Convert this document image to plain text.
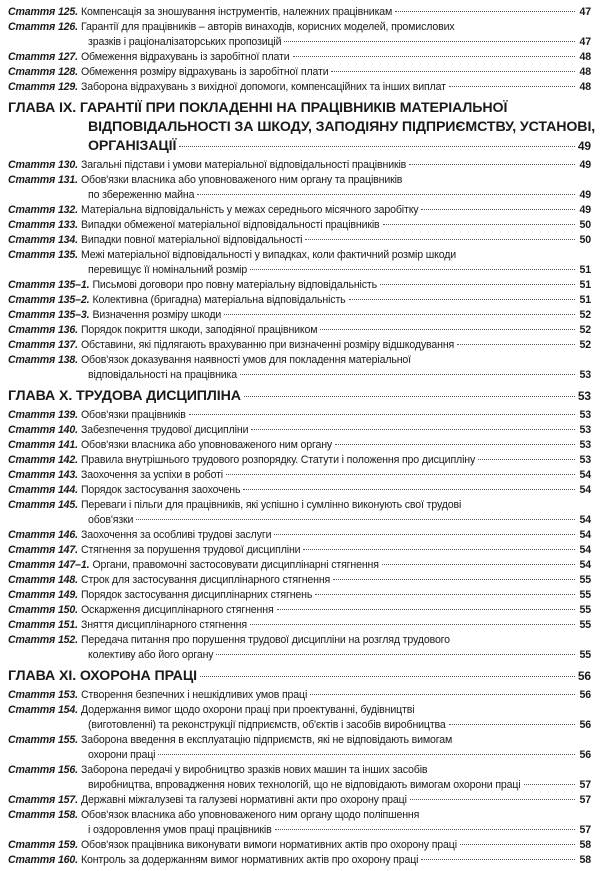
Стаття 125. Компенсація за зношування інструментів, належних працівникам	47
Стаття 126. Гарантії для працівників – авторів винаходів, корисних моделей, промислових
зразків і раціоналізаторських пропозицій	47
Стаття 127. Обмеження відрахувань із заробітної плати	48
Стаття 128. Обмеження розміру відрахувань із заробітної плати	48
Стаття 129. Заборона відрахувань з вихідної допомоги, компенсаційних та інших виплат	48
ГЛАВА IX. ГАРАНТІЇ ПРИ ПОКЛАДЕННІ НА ПРАЦІВНИКІВ МАТЕРІАЛЬНОЇ
ВІДПОВІДАЛЬНОСТІ ЗА ШКОДУ, ЗАПОДІЯНУ ПІДПРИЄМСТВУ, УСТАНОВІ,
ОРГАНІЗАЦІЇ	49
Стаття 130. Загальні підстави і умови матеріальної відповідальності працівників	49
Стаття 131. Обов'язки власника або уповноваженого ним органу та працівників
по збереженню майна	49
Стаття 132. Матеріальна відповідальність у межах середнього місячного заробітку	49
Стаття 133. Випадки обмеженої матеріальної відповідальності працівників	50
Стаття 134. Випадки повної матеріальної відповідальності	50
Стаття 135. Межі матеріальної відповідальності у випадках, коли фактичний розмір шкоди
перевищує її номінальний розмір	51
Стаття 135–1. Письмові договори про повну матеріальну відповідальність	51
Стаття 135–2. Колективна (бригадна) матеріальна відповідальність	51
Стаття 135–3. Визначення розміру шкоди	52
Стаття 136. Порядок покриття шкоди, заподіяної працівником	52
Стаття 137. Обставини, які підлягають врахуванню при визначенні розміру відшкодування	52
Стаття 138. Обов'язок доказування наявності умов для покладення матеріальної
відповідальності на працівника	53
ГЛАВА X. ТРУДОВА ДИСЦИПЛІНА	53
Стаття 139. Обов'язки працівників	53
Стаття 140. Забезпечення трудової дисципліни	53
Стаття 141. Обов'язки власника або уповноваженого ним органу	53
Стаття 142. Правила внутрішнього трудового розпорядку. Статути і положення про дисципліну	53
Стаття 143. Заохочення за успіхи в роботі	54
Стаття 144. Порядок застосування заохочень	54
Стаття 145. Переваги і пільги для працівників, які успішно і сумлінно виконують свої трудові
обов'язки	54
Стаття 146. Заохочення за особливі трудові заслуги	54
Стаття 147. Стягнення за порушення трудової дисципліни	54
Стаття 147–1. Органи, правомочні застосовувати дисциплінарні стягнення	54
Стаття 148. Строк для застосування дисциплінарного стягнення	55
Стаття 149. Порядок застосування дисциплінарних стягнень	55
Стаття 150. Оскарження дисциплінарного стягнення	55
Стаття 151. Зняття дисциплінарного стягнення	55
Стаття 152. Передача питання про порушення трудової дисципліни на розгляд трудового
колективу або його органу	55
ГЛАВА XI. ОХОРОНА ПРАЦІ	56
Стаття 153. Створення безпечних і нешкідливих умов праці	56
Стаття 154. Додержання вимог щодо охорони праці при проектуванні, будівництві
(виготовленні) та реконструкції підприємств, об'єктів і засобів виробництва	56
Стаття 155. Заборона введення в експлуатацію підприємств, які не відповідають вимогам
охорони праці	56
Стаття 156. Заборона передачі у виробництво зразків нових машин та інших засобів
виробництва, впровадження нових технологій, що не відповідають вимогам охорони праці	57
Стаття 157. Державні міжгалузеві та галузеві нормативні акти про охорону праці	57
Стаття 158. Обов'язок власника або уповноваженого ним органу щодо поліпшення
і оздоровлення умов праці працівників	57
Стаття 159. Обов'язок працівника виконувати вимоги нормативних актів про охорону праці	58
Стаття 160. Контроль за додержанням вимог нормативних актів про охорону праці	58
